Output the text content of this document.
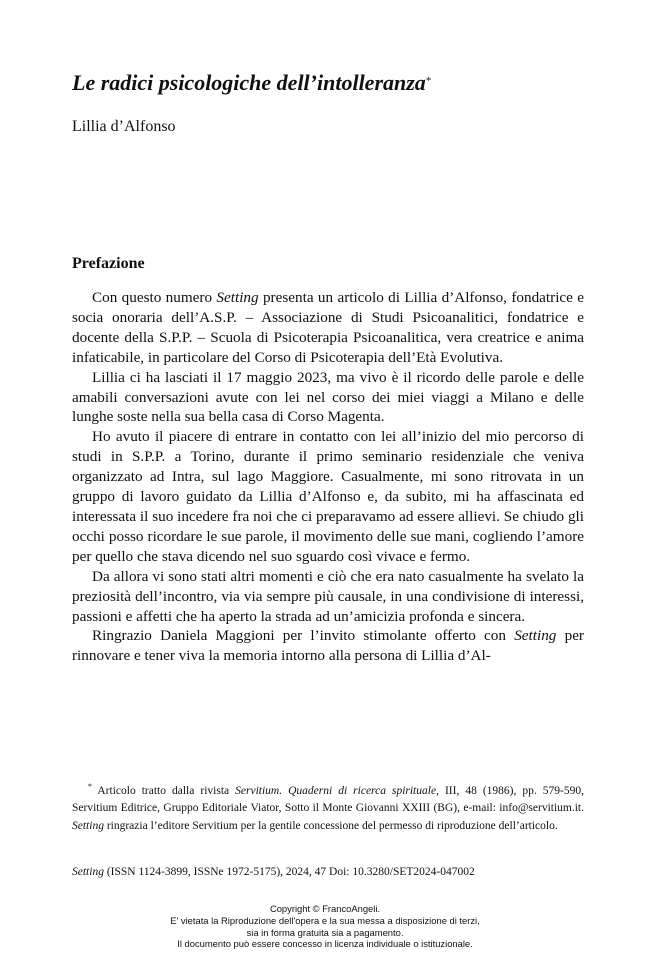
Le radici psicologiche dell’intolleranza*
Lillia d’Alfonso
Prefazione

Con questo numero Setting presenta un articolo di Lillia d’Alfonso, fondatrice e socia onoraria dell’A.S.P. – Associazione di Studi Psicoanalitici, fondatrice e docente della S.P.P. – Scuola di Psicoterapia Psicoanalitica, vera creatrice e anima infaticabile, in particolare del Corso di Psicoterapia dell’Età Evolutiva.

Lillia ci ha lasciati il 17 maggio 2023, ma vivo è il ricordo delle parole e delle amabili conversazioni avute con lei nel corso dei miei viaggi a Milano e delle lunghe soste nella sua bella casa di Corso Magenta.

Ho avuto il piacere di entrare in contatto con lei all’inizio del mio percorso di studi in S.P.P. a Torino, durante il primo seminario residenziale che veniva organizzato ad Intra, sul lago Maggiore. Casualmente, mi sono ritrovata in un gruppo di lavoro guidato da Lillia d’Alfonso e, da subito, mi ha affascinata ed interessata il suo incedere fra noi che ci preparavamo ad essere allievi. Se chiudo gli occhi posso ricordare le sue parole, il movimento delle sue mani, cogliendo l’amore per quello che stava dicendo nel suo sguardo così vivace e fermo.

Da allora vi sono stati altri momenti e ciò che era nato casualmente ha svelato la preziosità dell’incontro, via via sempre più causale, in una condivisione di interessi, passioni e affetti che ha aperto la strada ad un’amicizia profonda e sincera.

Ringrazio Daniela Maggioni per l’invito stimolante offerto con Setting per rinnovare e tener viva la memoria intorno alla persona di Lillia d’Al-

* Articolo tratto dalla rivista Servitium. Quaderni di ricerca spirituale, III, 48 (1986), pp. 579-590, Servitium Editrice, Gruppo Editoriale Viator, Sotto il Monte Giovanni XXIII (BG), e-mail: info@servitium.it. Setting ringrazia l’editore Servitium per la gentile concessione del permesso di riproduzione dell’articolo.
Setting (ISSN 1124-3899, ISSNe 1972-5175), 2024, 47 Doi: 10.3280/SET2024-047002
Copyright © FrancoAngeli.
E' vietata la Riproduzione dell'opera e la sua messa a disposizione di terzi,
sia in forma gratuita sia a pagamento.
Il documento può essere concesso in licenza individuale o istituzionale.
